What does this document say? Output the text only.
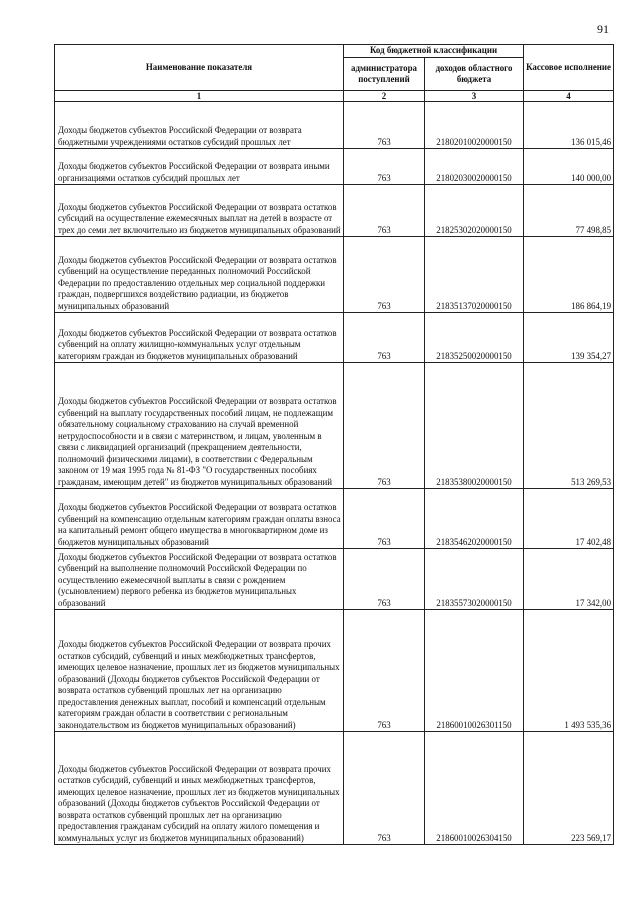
91
Наименование показателя	Код бюджетной классификации		Кассовое исполнение
	администратора поступлений	доходов областного бюджета	
1	2	3	4
Доходы бюджетов субъектов Российской Федерации от возврата бюджетными учреждениями остатков субсидий прошлых лет	763	21802010020000150	136 015,46
Доходы бюджетов субъектов Российской Федерации от возврата иными организациями остатков субсидий прошлых лет	763	21802030020000150	140 000,00
Доходы бюджетов субъектов Российской Федерации от возврата остатков субсидий на осуществление ежемесячных выплат на детей в возрасте от трех до семи лет включительно из бюджетов муниципальных образований	763	21825302020000150	77 498,85
Доходы бюджетов субъектов Российской Федерации от возврата остатков субвенций на осуществление переданных полномочий Российской Федерации по предоставлению отдельных мер социальной поддержки граждан, подвергшихся воздействию радиации, из бюджетов муниципальных образований	763	21835137020000150	186 864,19
Доходы бюджетов субъектов Российской Федерации от возврата остатков субвенций на оплату жилищно-коммунальных услуг отдельным категориям граждан из бюджетов муниципальных образований	763	21835250020000150	139 354,27
Доходы бюджетов субъектов Российской Федерации от возврата остатков субвенций на выплату государственных пособий лицам, не подлежащим обязательному социальному страхованию на случай временной нетрудоспособности и в связи с материнством, и лицам, уволенным в связи с ликвидацией организаций (прекращением деятельности, полномочий физическими лицами), в соответствии с Федеральным законом от 19 мая 1995 года № 81-ФЗ "О государственных пособиях гражданам, имеющим детей" из бюджетов муниципальных образований	763	21835380020000150	513 269,53
Доходы бюджетов субъектов Российской Федерации от возврата остатков субвенций на компенсацию отдельным категориям граждан оплаты взноса на капитальный ремонт общего имущества в многоквартирном доме из бюджетов муниципальных образований	763	21835462020000150	17 402,48
Доходы бюджетов субъектов Российской Федерации от возврата остатков субвенций на выполнение полномочий Российской Федерации по осуществлению ежемесячной выплаты в связи с рождением (усыновлением) первого ребенка из бюджетов муниципальных образований	763	21835573020000150	17 342,00
Доходы бюджетов субъектов Российской Федерации от возврата прочих остатков субсидий, субвенций и иных межбюджетных трансфертов, имеющих целевое назначение, прошлых лет из бюджетов муниципальных образований (Доходы бюджетов субъектов Российской Федерации от возврата остатков субвенций прошлых лет на организацию предоставления денежных выплат, пособий и компенсаций отдельным категориям граждан области в соответствии с региональным законодательством из бюджетов муниципальных образований)	763	21860010026301150	1 493 535,36
Доходы бюджетов субъектов Российской Федерации от возврата прочих остатков субсидий, субвенций и иных межбюджетных трансфертов, имеющих целевое назначение, прошлых лет из бюджетов муниципальных образований (Доходы бюджетов субъектов Российской Федерации от возврата остатков субвенций прошлых лет на организацию предоставления гражданам субсидий на оплату жилого помещения и коммунальных услуг из бюджетов муниципальных образований)	763	21860010026304150	223 569,17
